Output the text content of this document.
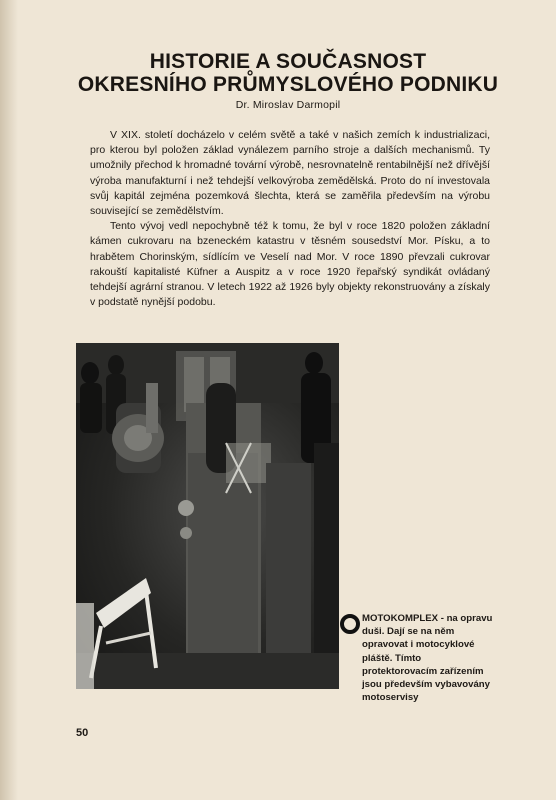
HISTORIE A SOUČASNOST
OKRESNÍHO PRŮMYSLOVÉHO PODNIKU
Dr. Miroslav Darmopil

V XIX. století docházelo v celém světě a také v našich zemích k industrializaci, pro kterou byl položen základ vynálezem parního stroje a dalších mechanismů. Ty umožnily přechod k hromadné tovární výrobě, nesrovnatelně rentabilnější než dřívější výroba manufakturní i než tehdejší velkovýroba zemědělská. Proto do ní investovala svůj kapitál zejména pozemková šlechta, která se zaměřila především na výrobu související se zemědělstvím.

Tento vývoj vedl nepochybně též k tomu, že byl v roce 1820 položen základní kámen cukrovaru na bzeneckém katastru v těsném sousedství Mor. Písku, a to hrabětem Chorinským, sídlícím ve Veselí nad Mor. V roce 1890 převzali cukrovar rakouští kapitalisté Küfner a Auspitz a v roce 1920 řepařský syndikát ovládaný tehdejší agrární stranou. V letech 1922 až 1926 byly objekty rekonstruovány a získaly v podstatě nynější podobu.

MOTOKOMPLEX - na opravu duši. Dají se na něm opravovat i motocyklové pláště. Tímto protektorovacím zařízením jsou především vybavovány motoservisy
50
